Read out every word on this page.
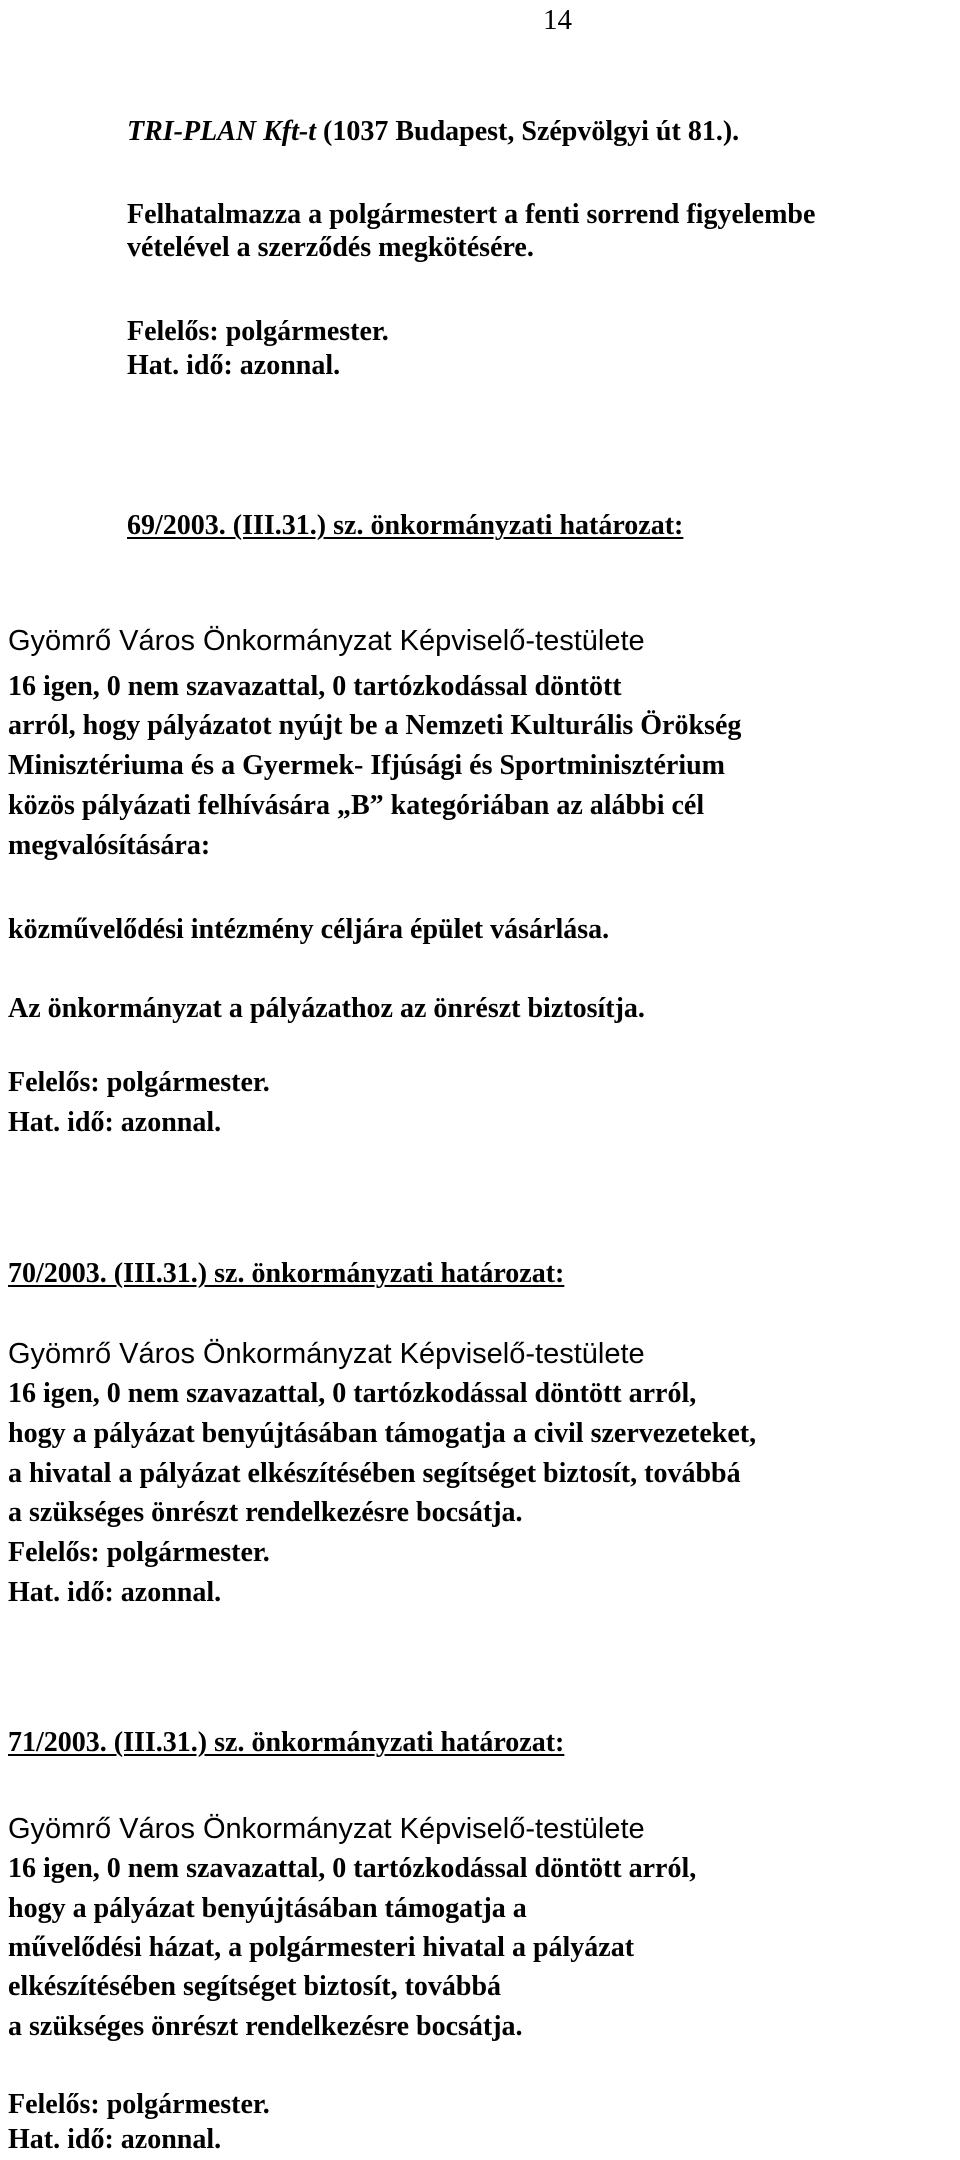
14
TRI-PLAN Kft-t (1037 Budapest, Szépvölgyi út 81.).
Felhatalmazza a polgármestert a fenti sorrend figyelembe
vételével a szerződés megkötésére.
Felelős: polgármester.
Hat. idő: azonnal.
69/2003. (III.31.) sz. önkormányzati határozat:
Gyömrő Város Önkormányzat Képviselő-testülete
16 igen, 0 nem szavazattal, 0 tartózkodással döntött
arról, hogy pályázatot nyújt be a Nemzeti Kulturális Örökség
Minisztériuma és a Gyermek- Ifjúsági és Sportminisztérium
közös pályázati felhívására „B” kategóriában az alábbi cél
megvalósítására:
közművelődési intézmény céljára épület vásárlása.
Az önkormányzat a pályázathoz az önrészt biztosítja.
Felelős: polgármester.
Hat. idő: azonnal.
70/2003. (III.31.) sz. önkormányzati határozat:
Gyömrő Város Önkormányzat Képviselő-testülete
16 igen, 0 nem szavazattal, 0 tartózkodással döntött arról,
hogy a pályázat benyújtásában támogatja a civil szervezeteket,
a hivatal a pályázat elkészítésében segítséget biztosít, továbbá
a szükséges önrészt rendelkezésre bocsátja.
Felelős: polgármester.
Hat. idő: azonnal.
71/2003. (III.31.) sz. önkormányzati határozat:
Gyömrő Város Önkormányzat Képviselő-testülete
16 igen, 0 nem szavazattal, 0 tartózkodással döntött arról,
hogy a pályázat benyújtásában támogatja a
művelődési házat, a polgármesteri hivatal a pályázat
elkészítésében segítséget biztosít, továbbá
a szükséges önrészt rendelkezésre bocsátja.
Felelős: polgármester.
Hat. idő: azonnal.
